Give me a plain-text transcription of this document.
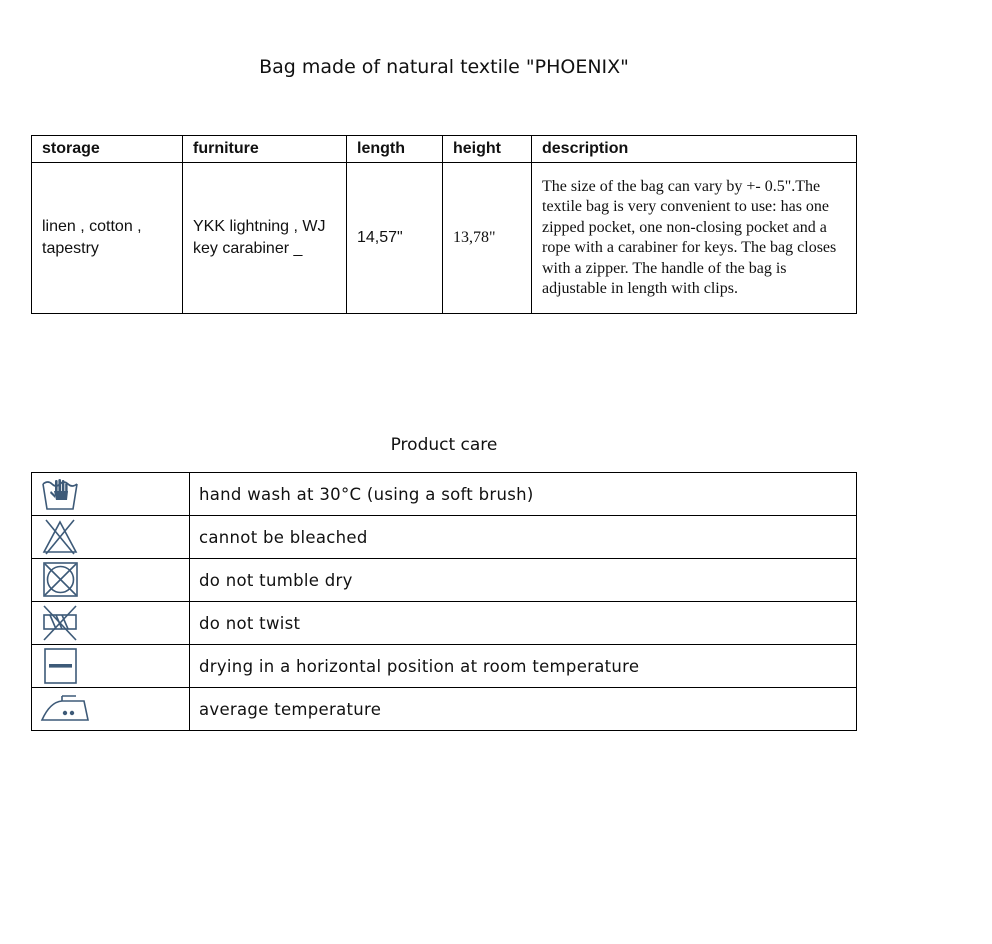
Bag made of natural textile "PHOENIX"
storage	furniture	length	height	description
linen , cotton , tapestry	YKK lightning , WJ key carabiner _	14,57"	13,78"	The size of the bag can vary by +- 0.5".The textile bag is very convenient to use: has one zipped pocket, one non-closing pocket and a rope with a carabiner for keys. The bag closes with a zipper. The handle of the bag is adjustable in length with clips.
Product care
	hand wash at 30°C (using a soft brush)

	cannot be bleached

	do not tumble dry

	do not twist

	drying in a horizontal position at room temperature

	average temperature
